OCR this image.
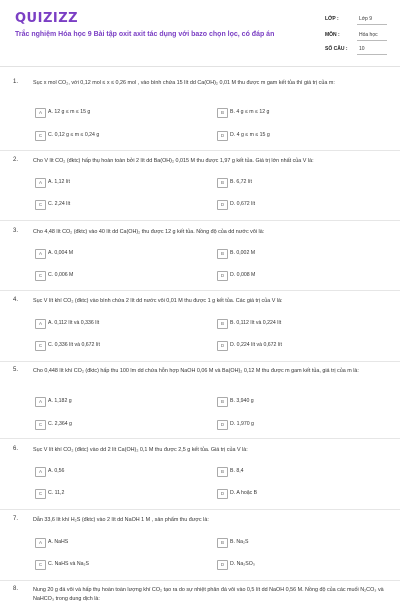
QUIZIZZ
Trắc nghiệm Hóa học 9 Bài tập oxit axit tác dụng với bazo chọn lọc, có đáp án
LỚP :	Lớp 9
MÔN :	Hóa học
SỐ CÂU : 10
1.	Sục x mol CO₂, với 0,12 mol ≤ x ≤ 0,26 mol , vào bình chứa 15 lít dd Ca(OH)₂ 0,01 M thu được m gam kết tủa thì giá trị của m:
A	A. 12 g ≤ m ≤ 15 g	B	B. 4 g ≤ m ≤ 12 g
C	C. 0,12 g ≤ m ≤ 0,24 g	D	D. 4 g ≤ m ≤ 15 g
2.	Cho V lít CO₂ (đktc) hấp thụ hoàn toàn bởi 2 lít dd Ba(OH)₂ 0,015 M thu được 1,97 g kết tủa. Giá trị lớn nhất của V là:
A	A. 1,12 lít	B	B. 6,72 lít
C	C. 2,24 lít	D	D. 0,672 lít
3.	Cho 4,48 lít CO₂ (đktc) vào 40 lít dd Ca(OH)₂ thu được 12 g kết tủa. Nồng độ của dd nước vôi là:
A	A. 0,004 M	B	B. 0,002 M
C	C. 0,006 M	D	D. 0,008 M
4.	Sục V lít khí CO₂ (đktc) vào bình chứa 2 lít dd nước vôi 0,01 M thu được 1 g kết tủa. Các giá trị của V là:
A	A. 0,112 lít và 0,336 lít	B	B. 0,112 lít và 0,224 lít
C	C. 0,336 lít và 0,672 lít	D	D. 0,224 lít và 0,672 lít
5.	Cho 0,448 lít khí CO₂ (đktc) hấp thu 100 lm dd chứa hỗn hợp NaOH 0,06 M và Ba(OH)₂ 0,12 M thu được m gam kết tủa, giá trị của m là:
A	A. 1,182 g	B	B. 3,940 g
C	C. 2,364 g	D	D. 1,970 g
6.	Sục V lít khí CO₂ (đktc) vào dd 2 lít Ca(OH)₂ 0,1 M thu được 2,5 g kết tủa. Giá trị của V là:
A	A. 0,56	B	B. 8,4
C	C. 11,2	D	D. A hoặc B
7.	Dẫn 33,6 lít khí H₂S (đktc) vào 2 lít dd NaOH 1 M , sản phẩm thu được là:
A	A. NaHS	B	B. Na₂S
C	C. NaHS và Na₂S	D	D. Na₂SO₃
8.	Nung 20 g đá vôi và hấp thụ hoàn toàn lượng khí CO₂ tạo ra do sự nhiệt phân đá vôi vào 0,5 lít dd NaOH 0,56 M. Nồng độ của các muối N₂CO₃ và NaHCO₃ trong dung dịch là:
